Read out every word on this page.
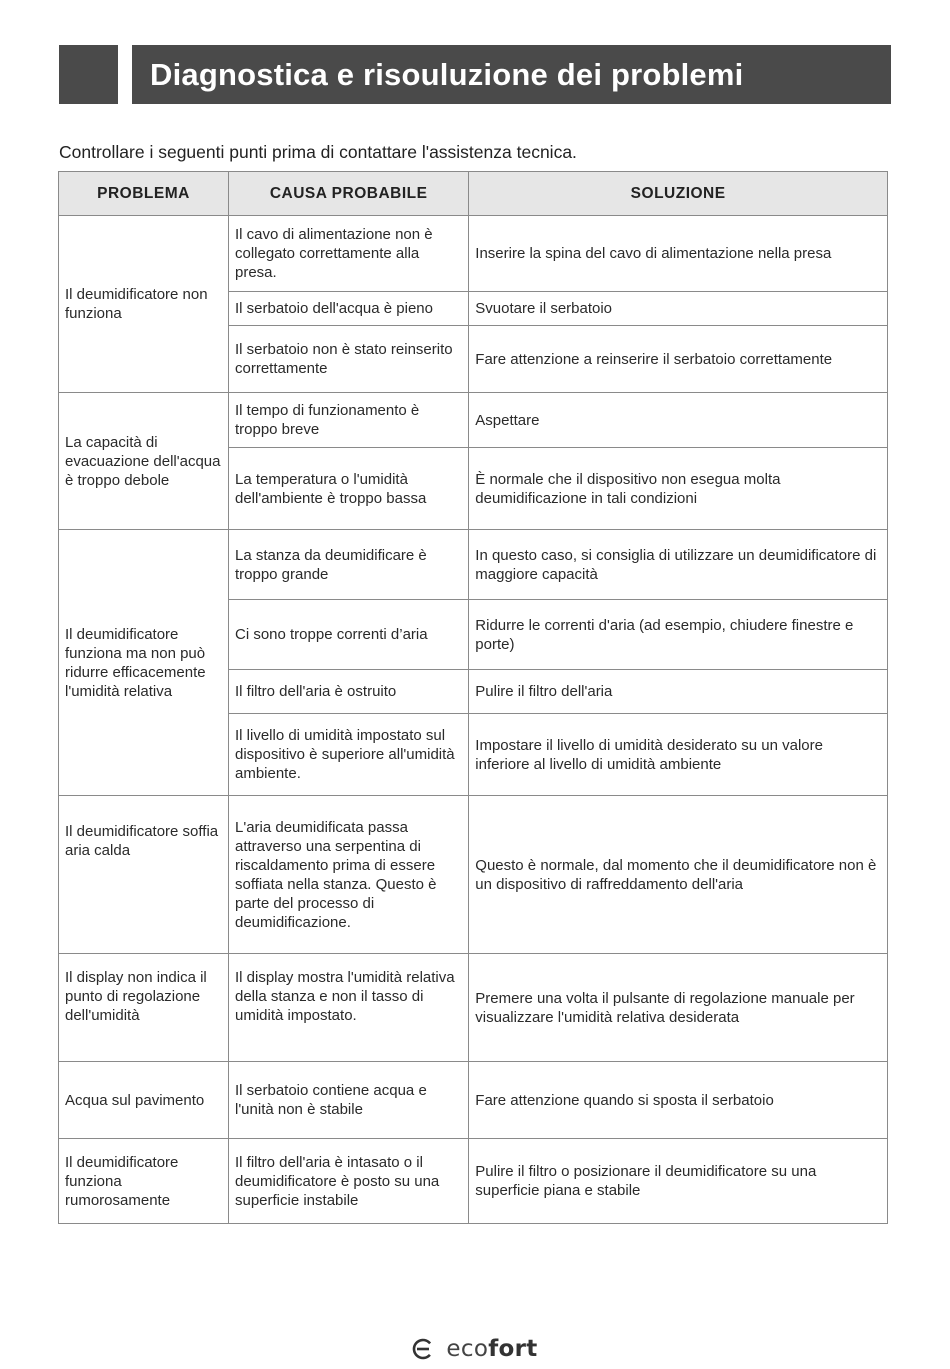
Diagnostica e risouluzione dei problemi
Controllare i seguenti punti prima di contattare l'assistenza tecnica.
PROBLEMA	CAUSA PROBABILE	SOLUZIONE
Il deumidificatore non funziona	Il cavo di alimentazione non è collegato correttamente alla presa.	Inserire la spina del cavo di alimentazione nella presa
	Il serbatoio dell'acqua è pieno	Svuotare il serbatoio
	Il serbatoio non è stato reinserito correttamente	Fare attenzione a reinserire il serbatoio correttamente
La capacità di evacuazione dell'acqua è troppo debole	Il tempo di funzionamento è troppo breve	Aspettare
	La temperatura o l'umidità dell'ambiente è troppo bassa	È normale che il dispositivo non esegua molta deumidificazione in tali condizioni
Il deumidificatore funziona ma non può ridurre efficacemente l'umidità relativa	La stanza da deumidificare è troppo grande	In questo caso, si consiglia di utilizzare un deumidificatore di maggiore capacità
	Ci sono troppe correnti d’aria	Ridurre le correnti d'aria (ad esempio, chiudere finestre e porte)
	Il filtro dell'aria è ostruito	Pulire il filtro dell'aria
	Il livello di umidità impostato sul dispositivo è superiore all'umidità ambiente.	Impostare il livello di umidità desiderato su un valore inferiore al livello di umidità ambiente
Il deumidificatore soffia aria calda	L'aria deumidificata passa attraverso una serpentina di riscaldamento prima di essere soffiata nella stanza. Questo è parte del processo di deumidificazione.	Questo è normale, dal momento che il deumidificatore non è un dispositivo di raffreddamento dell'aria
Il display non indica il punto di regolazione dell'umidità	Il display mostra l'umidità relativa della stanza e non il tasso di umidità impostato.	Premere una volta il pulsante di regolazione manuale per visualizzare l'umidità relativa desiderata
Acqua sul pavimento	Il serbatoio contiene acqua e l'unità non è stabile	Fare attenzione quando si sposta il serbatoio
Il deumidificatore funziona rumorosamente	Il filtro dell'aria è intasato o il deumidificatore è posto su una superficie instabile	Pulire il filtro o posizionare il deumidificatore su una superficie piana e stabile
ecofort
